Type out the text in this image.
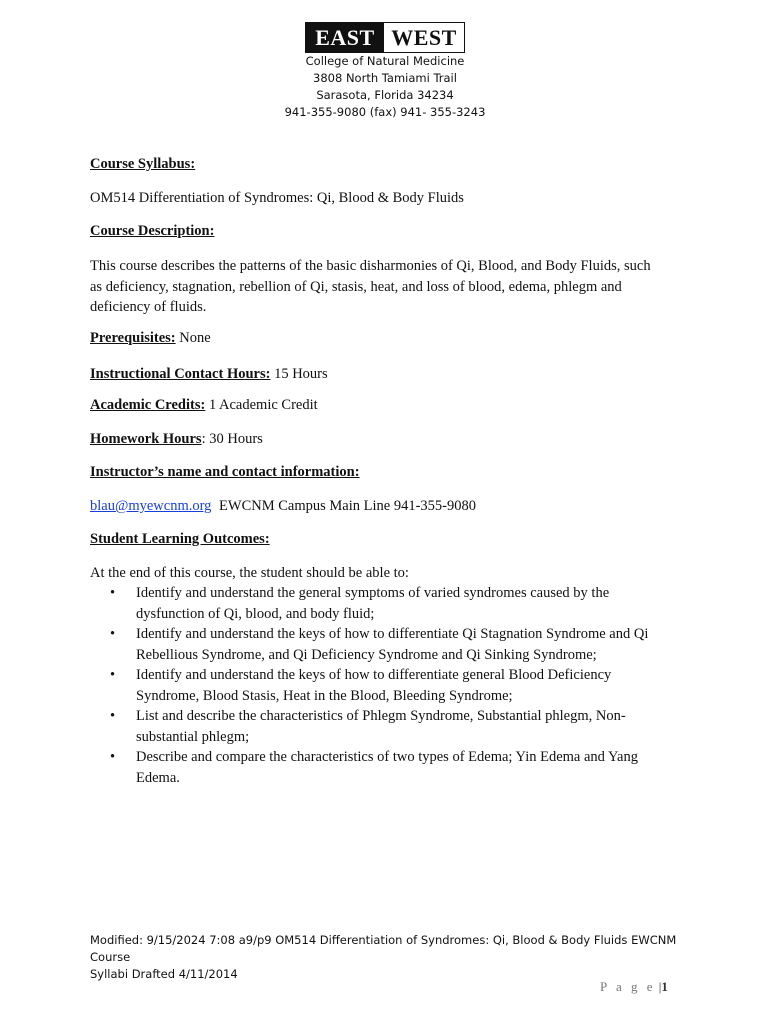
EAST WEST
College of Natural Medicine
3808 North Tamiami Trail
Sarasota, Florida 34234
941-355-9080 (fax) 941- 355-3243
Course Syllabus:
OM514 Differentiation of Syndromes: Qi, Blood & Body Fluids
Course Description:
This course describes the patterns of the basic disharmonies of Qi, Blood, and Body Fluids, such
as deficiency, stagnation, rebellion of Qi, stasis, heat, and loss of blood, edema, phlegm and
deficiency of fluids.
Prerequisites: None
Instructional Contact Hours: 15 Hours
Academic Credits: 1 Academic Credit
Homework Hours: 30 Hours
Instructor’s name and contact information:
blau@myewcnm.org EWCNM Campus Main Line 941-355-9080
Student Learning Outcomes:
At the end of this course, the student should be able to:
• Identify and understand the general symptoms of varied syndromes caused by the
dysfunction of Qi, blood, and body fluid;
• Identify and understand the keys of how to differentiate Qi Stagnation Syndrome and Qi
Rebellious Syndrome, and Qi Deficiency Syndrome and Qi Sinking Syndrome;
• Identify and understand the keys of how to differentiate general Blood Deficiency
Syndrome, Blood Stasis, Heat in the Blood, Bleeding Syndrome;
• List and describe the characteristics of Phlegm Syndrome, Substantial phlegm, Non-
substantial phlegm;
• Describe and compare the characteristics of two types of Edema; Yin Edema and Yang
Edema.
Modified: 9/15/2024 7:08 a9/p9 OM514 Differentiation of Syndromes: Qi, Blood & Body Fluids EWCNM Course
Syllabi Drafted 4/11/2014
P a g e |1
